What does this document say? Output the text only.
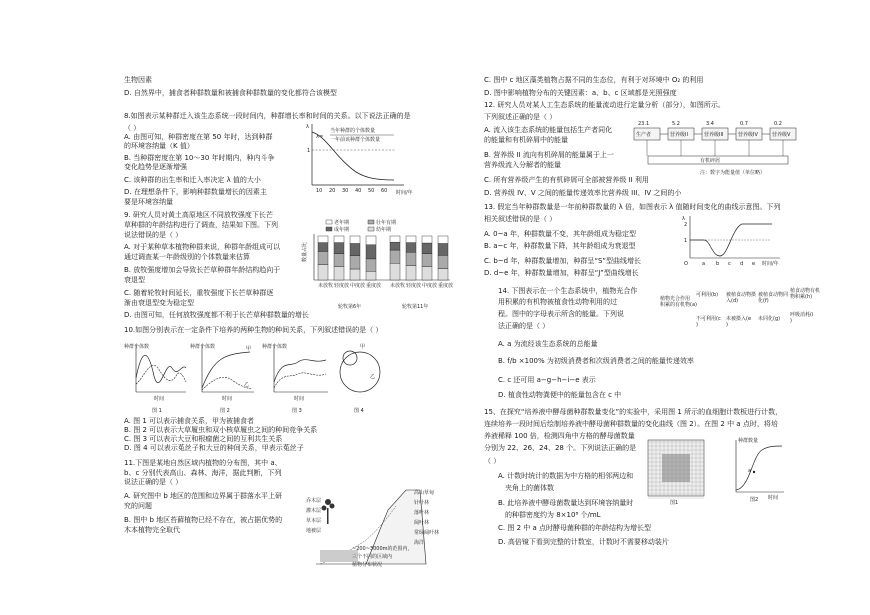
λ
1
10 20 30 40 50 60 时间/年
λ=
当年种群的个体数量
一年前该种群个体数量
老年期	壮年有期
成年期	幼年期
数量占比
未放牧 轻度放 中度放 重度放 未放牧 轻度放 中度放 重度放
轮牧第6年	轮牧第11年
种群个体数
时间
图 1
甲
乙
种群个体数
时间
图 2
种群个体数
时间
图 3
甲
乙
图 4
高山草甸
针叶林
落叶林
阔叶林
常绿阔叶林
海洋
乔木层
灌木层
草本层
地被层
~200~3000m的范围内，
三个不同的区域内
植物分布状况
生产者
23.1
营养级II
5.2
营养级III
3.4
营养级IV
0.7
营养级V
0.2
有机碎屑
注：数字为能量值（单位略）
λ
2
1
O	a b c d e 时间/年
植物光合作用积累的有机物(a)
可利用(b)
不可利用(c )
被植食动物摄入(d)
未被摄入(e )
被植食动物同化(f)
未同化(g)
植食动物有机物积累(h)
呼吸消耗(i )
图1
a
种群数量
时间
图2
生物因素
D. 自然界中，捕食者种群数量和被捕食种群数量的变化都符合该模型
8.如图表示某种群迁入该生态系统一段时间内，种群增长率和时间的关系。以下说法正确的是
（ ）
A. 由图可知，种群密度在第 50 年时，达到种群
的环境容纳量（K 值）
B. 当种群密度在第 10～30 年时期内，种内斗争
变化趋势是逐渐增强
C. 该种群的出生率和迁入率决定 λ 值的大小
D. 在理想条件下，影响种群数量增长的因素主
要是环境容纳量
9. 研究人员对黄土高原地区不同放牧强度下长芒
草种群的年龄结构进行了调查，结果如下图。下列
说法错误的是（ ）
A. 对于某种草本植物种群来说，种群年龄组成可以
通过调查某一年龄级别的个体数量来估算
B. 放牧强度增加会导致长芒草种群年龄结构趋向于
衰退型
C. 随着轮牧时间延长，重牧强度下长芒草种群逐
渐由衰退型变为稳定型
D. 由图可知，任何放牧强度都不利于长芒草种群数量的增长
10.如图分别表示在一定条件下培养的两种生物的种间关系，下列叙述错误的是（ ）
A. 图 1 可以表示捕食关系，甲为被捕食者
B. 图 2 可以表示大草履虫和双小核草履虫之间的种间竞争关系
C. 图 3 可以表示大豆和根瘤菌之间的互利共生关系
D. 图 4 可以表示菟丝子和大豆的种间关系，甲表示菟丝子
11.下图是某地自然区域内植物的分布图，其中 a、
b、c 分别代表高山、森林、海洋，据此判断，下列
说法正确的是（ ）
A. 研究图中 b 地区的范围和边界属于群落水平上研
究的问题
B. 图中 b 地区苔藓植物已经不存在，被占据优势的
木本植物完全取代
C. 图中 c 地区藻类植物占据不同的生态位，有利于对环境中 O₂ 的利用
D. 图中影响植物分布的关键因素：a、b、c 区域都是光照强度
12. 研究人员对某人工生态系统的能量流动进行定量分析（部分），如图所示。
下列叙述正确的是（ ）
A. 流入该生态系统的能量包括生产者同化
的能量和有机碎屑中的能量
B. 营养级 II 流向有机碎屑的能量属于上一
营养级流入分解者的能量
C. 所有营养级产生的有机碎屑可全部被营养级 II 利用
D. 营养级 IV、V 之间的能量传递效率比营养级 III、IV 之间的小
13. 假定当年种群数量是一年前种群数量的 λ 倍，如图表示 λ 值随时间变化的曲线示意图。下列
相关叙述错误的是（ ）
A. 0~a 年，种群数量不变，其年龄组成为稳定型
B. a~c 年，种群数量下降，其年龄组成为衰退型
C. b~d 年，种群数量增加，种群呈“S”型曲线增长
D. d~e 年，种群数量增加，种群呈“J”型曲线增长
14. 下图表示在一个生态系统中，植物光合作
用积累的有机物被植食性动物利用的过
程。图中的字母表示所含的能量。下列说
法正确的是（ ）
A. a 为流经该生态系统的总能量
B. f/b ×100% 为初级消费者和次级消费者之间的能量传递效率
C. c 还可用 a−g−h−i−e 表示
D. 植食性动物粪便中的能量包含在 c 中
15、在探究“培养液中酵母菌种群数量变化”的实验中，采用图 1 所示的血细胞计数板进行计数，
连续培养一段时间后绘制培养液中酵母菌种群数量的变化曲线（图 2）。在图 2 中 a 点时，将培
养液稀释 100 倍，检测四角中方格的酵母菌数量
分别为 22、26、24、28 个。下列说法正确的是
（ ）
A. 计数时统计的数据为中方格的相邻两边和
夹角上的菌体数
B. 此培养液中酵母菌数量达到环境容纳量时
的种群密度约为 8×10⁸ 个/mL
C. 图 2 中 a 点时酵母菌种群的年龄结构为增长型
D. 高倍镜下看到完整的计数室，计数时不需要移动装片
